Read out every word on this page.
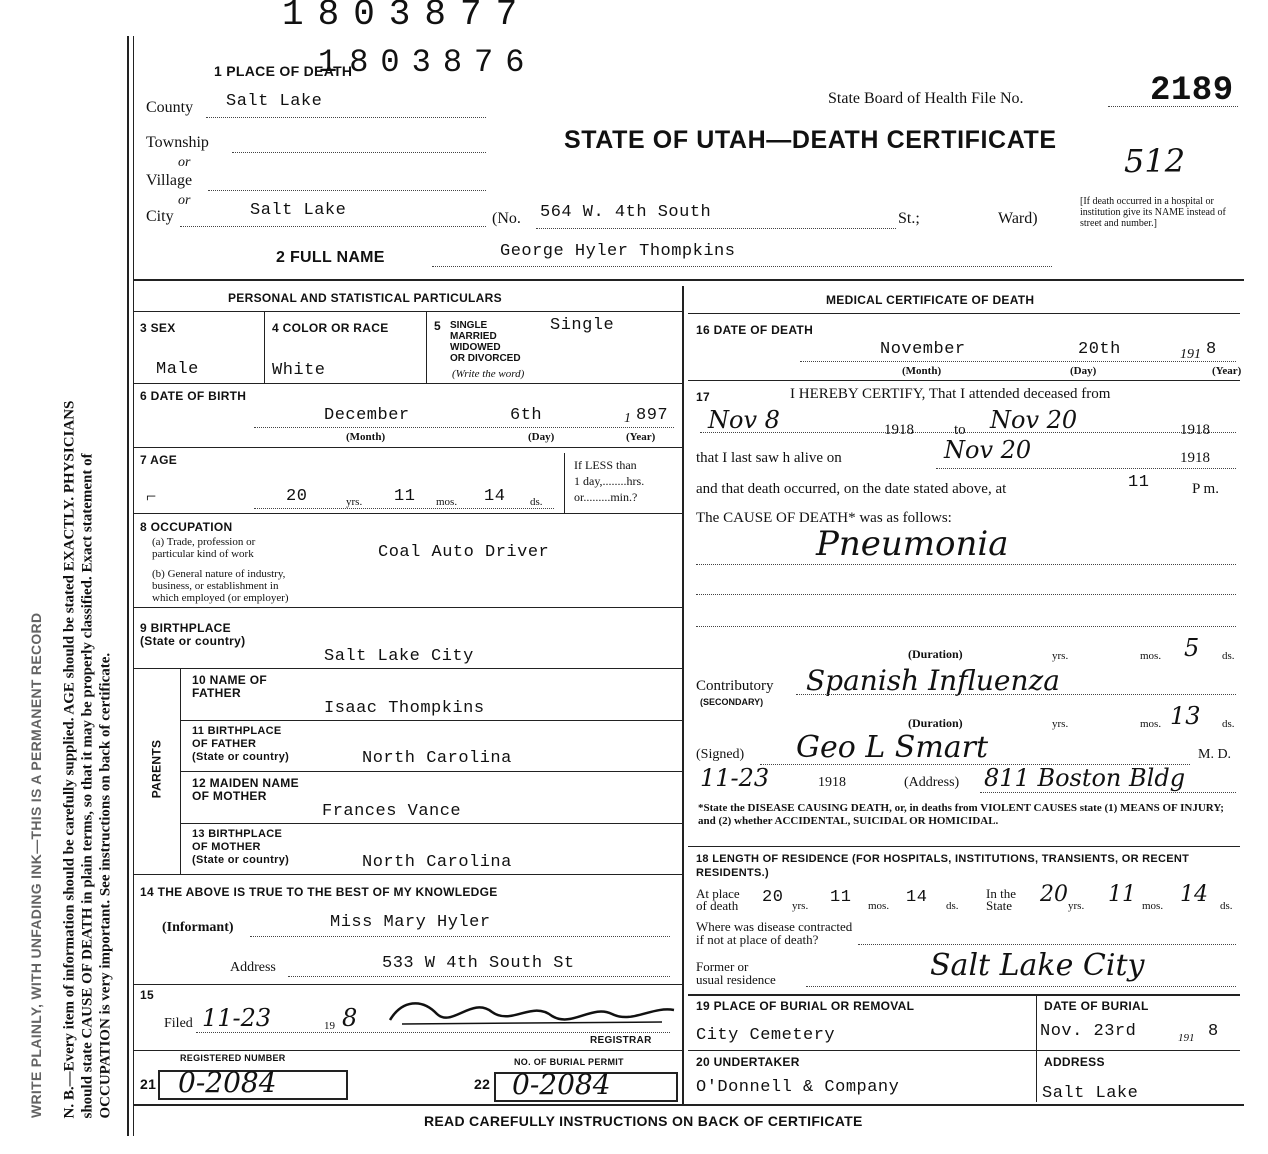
1803877
1803876
N. B.—Every item of information should be carefully supplied. AGE should be stated EXACTLY. PHYSICIANS should state CAUSE OF DEATH in plain terms, so that it may be properly classified. Exact statement of OCCUPATION is very important. See instructions on back of certificate.
WRITE PLAINLY, WITH UNFADING INK—THIS IS A PERMANENT RECORD
1 PLACE OF DEATH
County Salt Lake
Township
or
Village
or
City	Salt Lake	(No. 564 W. 4th South	St.;	Ward)
[If death occurred in a hospital or institution give its NAME instead of street and number.]
State Board of Health File No.	2189
STATE OF UTAH—DEATH CERTIFICATE
512
2 FULL NAME	George Hyler Thompkins
PERSONAL AND STATISTICAL PARTICULARS
3 SEX
Male
4 COLOR OR RACE
White
5 SINGLE
MARRIED
WIDOWED
OR DIVORCED
(Write the word)
Single
6 DATE OF BIRTH
December	6th	1 897
(Month)	(Day)	(Year)
7 AGE
⌐	20	yrs. 11 mos. 14 ds.
If LESS than
1 day,........hrs.
or.........min.?
8 OCCUPATION
(a) Trade, profession or
particular kind of work	Coal Auto Driver
(b) General nature of industry,
business, or establishment in
which employed (or employer)
9 BIRTHPLACE
(State or country)
Salt Lake City
PARENTS
10 NAME OF
FATHER
Isaac Thompkins
11 BIRTHPLACE
OF FATHER
(State or country)	North Carolina
12 MAIDEN NAME
OF MOTHER
Frances Vance
13 BIRTHPLACE
OF MOTHER
(State or country)	North Carolina
14 THE ABOVE IS TRUE TO THE BEST OF MY KNOWLEDGE
(Informant)	Miss Mary Hyler
Address	533 W 4th South St
15
Filed 11-23	19 8
REGISTRAR
REGISTERED NUMBER
21 0-2084
NO. OF BURIAL PERMIT
22 0-2084
MEDICAL CERTIFICATE OF DEATH
16 DATE OF DEATH
November	20th	191 8
(Month)	(Day)	(Year)
17	I HEREBY CERTIFY, That I attended deceased from
Nov 8	1918	to Nov 20	1918
that I last saw h alive on	Nov 20	1918
and that death occurred, on the date stated above, at	11	P m.
The CAUSE OF DEATH* was as follows:
Pneumonia
(Duration)	yrs.	mos. 5 ds.
Contributory
(SECONDARY)
Spanish Influenza
(Duration)	yrs.	mos. 13 ds.
(Signed) Geo L Smart	M. D.
11-23	1918	(Address) 811 Boston Bldg
*State the DISEASE CAUSING DEATH, or, in deaths from VIOLENT CAUSES state (1) MEANS OF INJURY; and (2) whether ACCIDENTAL, SUICIDAL OR HOMICIDAL.
18 LENGTH OF RESIDENCE (FOR HOSPITALS, INSTITUTIONS, TRANSIENTS, OR RECENT RESIDENTS.)
At place
of death 20 yrs. 11 mos. 14 ds.
In the
State 20 yrs. 11 mos. 14 ds.
Where was disease contracted
if not at place of death?
Former or
usual residence	Salt Lake City
19 PLACE OF BURIAL OR REMOVAL
City Cemetery
DATE OF BURIAL
Nov. 23rd	191 8
20 UNDERTAKER
O'Donnell & Company
ADDRESS
Salt Lake
READ CAREFULLY INSTRUCTIONS ON BACK OF CERTIFICATE
